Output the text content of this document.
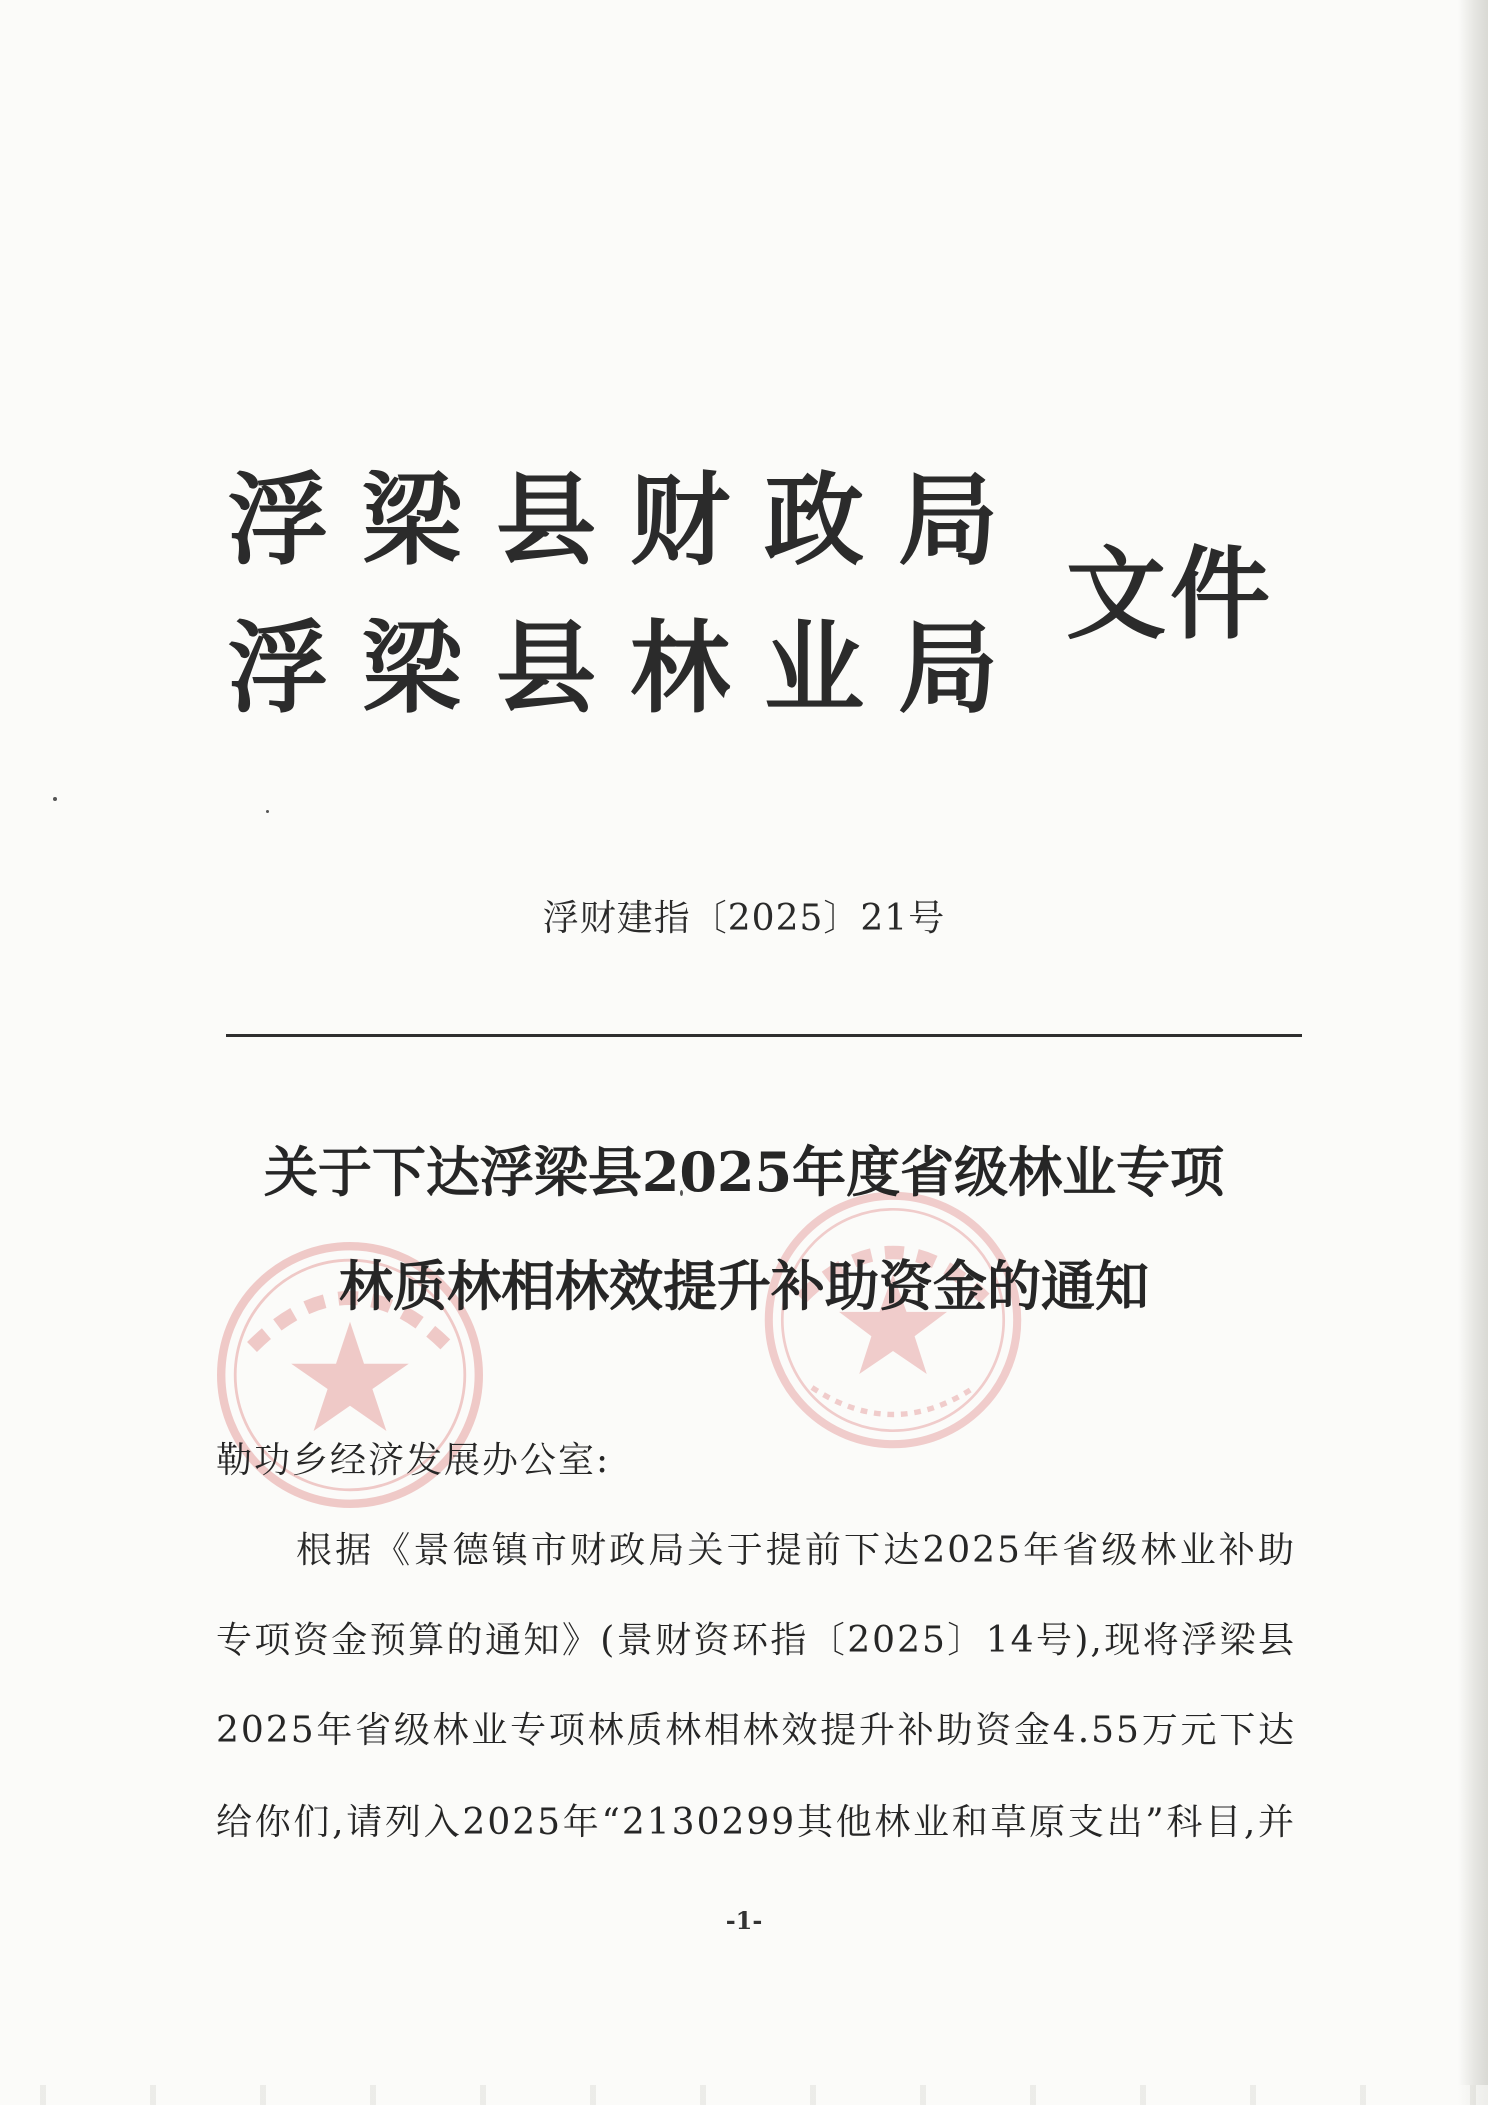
浮梁县财政局
浮梁县林业局
文件
浮财建指〔2025〕21号
关于下达浮梁县2025年度省级林业专项
林质林相林效提升补助资金的通知
勒功乡经济发展办公室:
根据《景德镇市财政局关于提前下达2025年省级林业补助
专项资金预算的通知》(景财资环指〔2025〕14号),现将浮梁县
2025年省级林业专项林质林相林效提升补助资金4.55万元下达
给你们,请列入2025年“2130299其他林业和草原支出”科目,并
-1-
